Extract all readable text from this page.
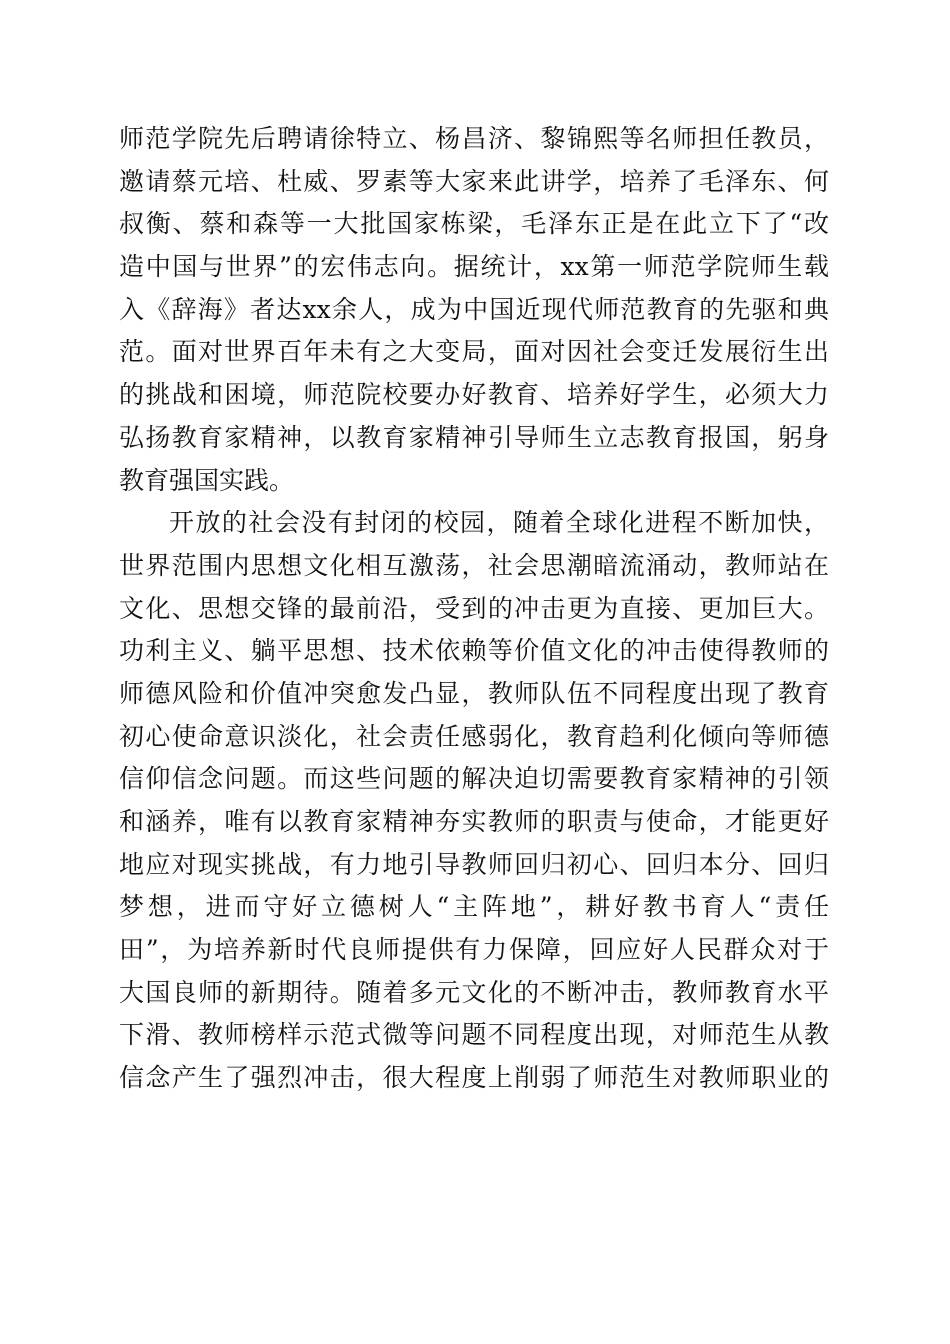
师范学院先后聘请徐特立、杨昌济、黎锦熙等名师担任教员，
邀请蔡元培、杜威、罗素等大家来此讲学，培养了毛泽东、何
叔衡、蔡和森等一大批国家栋梁，毛泽东正是在此立下了“改
造中国与世界”的宏伟志向。据统计，xx第一师范学院师生载
入《辞海》者达xx余人，成为中国近现代师范教育的先驱和典
范。面对世界百年未有之大变局，面对因社会变迁发展衍生出
的挑战和困境，师范院校要办好教育、培养好学生，必须大力
弘扬教育家精神，以教育家精神引导师生立志教育报国，躬身
教育强国实践。
开放的社会没有封闭的校园，随着全球化进程不断加快，
世界范围内思想文化相互激荡，社会思潮暗流涌动，教师站在
文化、思想交锋的最前沿，受到的冲击更为直接、更加巨大。
功利主义、躺平思想、技术依赖等价值文化的冲击使得教师的
师德风险和价值冲突愈发凸显，教师队伍不同程度出现了教育
初心使命意识淡化，社会责任感弱化，教育趋利化倾向等师德
信仰信念问题。而这些问题的解决迫切需要教育家精神的引领
和涵养，唯有以教育家精神夯实教师的职责与使命，才能更好
地应对现实挑战，有力地引导教师回归初心、回归本分、回归
梦想，进而守好立德树人“主阵地”，耕好教书育人“责任
田”，为培养新时代良师提供有力保障，回应好人民群众对于
大国良师的新期待。随着多元文化的不断冲击，教师教育水平
下滑、教师榜样示范式微等问题不同程度出现，对师范生从教
信念产生了强烈冲击，很大程度上削弱了师范生对教师职业的
